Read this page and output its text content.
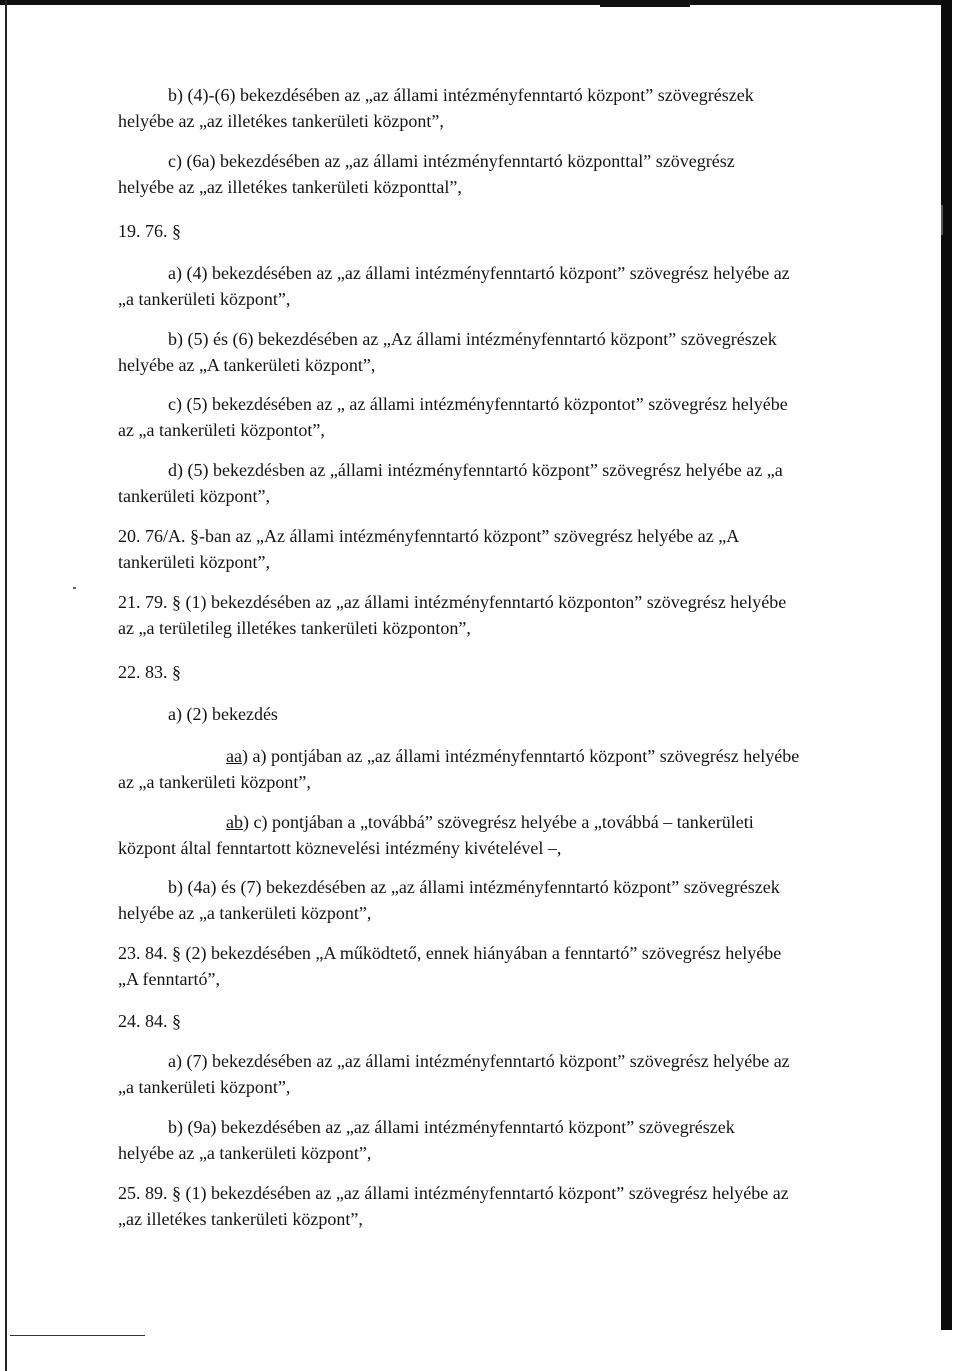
b) (4)-(6) bekezdésében az „az állami intézményfenntartó központ” szövegrészek
helyébe az „az illetékes tankerületi központ”,
c) (6a) bekezdésében az „az állami intézményfenntartó központtal” szövegrész
helyébe az „az illetékes tankerületi központtal”,
19. 76. §
a) (4) bekezdésében az „az állami intézményfenntartó központ” szövegrész helyébe az
„a tankerületi központ”,
b) (5) és (6) bekezdésében az „Az állami intézményfenntartó központ” szövegrészek
helyébe az „A tankerületi központ”,
c) (5) bekezdésében az „ az állami intézményfenntartó központot” szövegrész helyébe
az „a tankerületi központot”,
d) (5) bekezdésben az „állami intézményfenntartó központ” szövegrész helyébe az „a
tankerületi központ”,
20. 76/A. §-ban az „Az állami intézményfenntartó központ” szövegrész helyébe az „A
tankerületi központ”,
21. 79. § (1) bekezdésében az „az állami intézményfenntartó központon” szövegrész helyébe
az „a területileg illetékes tankerületi központon”,
22. 83. §
a) (2) bekezdés
aa) a) pontjában az „az állami intézményfenntartó központ” szövegrész helyébe
az „a tankerületi központ”,
ab) c) pontjában a „továbbá” szövegrész helyébe a „továbbá – tankerületi
központ által fenntartott köznevelési intézmény kivételével –,
b) (4a) és (7) bekezdésében az „az állami intézményfenntartó központ” szövegrészek
helyébe az „a tankerületi központ”,
23. 84. § (2) bekezdésében „A működtető, ennek hiányában a fenntartó” szövegrész helyébe
„A fenntartó”,
24. 84. §
a) (7) bekezdésében az „az állami intézményfenntartó központ” szövegrész helyébe az
„a tankerületi központ”,
b) (9a) bekezdésében az „az állami intézményfenntartó központ” szövegrészek
helyébe az „a tankerületi központ”,
25. 89. § (1) bekezdésében az „az állami intézményfenntartó központ” szövegrész helyébe az
„az illetékes tankerületi központ”,
